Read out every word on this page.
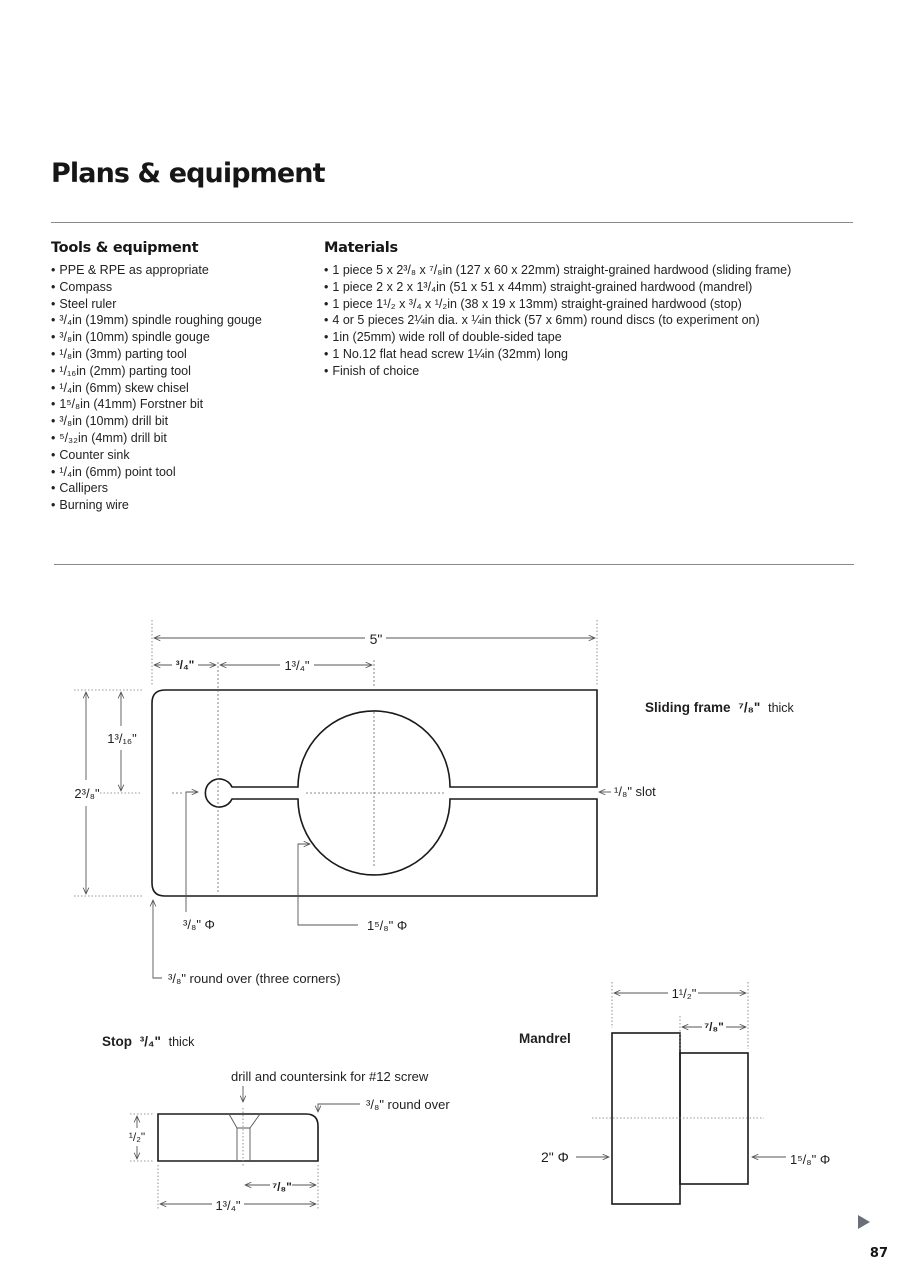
Plans & equipment
Tools & equipment
• PPE & RPE as appropriate
• Compass
• Steel ruler
• ³/₄in (19mm) spindle roughing gouge
• ³/₈in (10mm) spindle gouge
• ¹/₈in (3mm) parting tool
• ¹/₁₆in (2mm) parting tool
• ¹/₄in (6mm) skew chisel
• 1⁵/₈in (41mm) Forstner bit
• ³/₈in (10mm) drill bit
• ⁵/₃₂in (4mm) drill bit
• Counter sink
• ¹/₄in (6mm) point tool
• Callipers
• Burning wire
Materials
• 1 piece 5 x 2³/₈ x ⁷/₈in (127 x 60 x 22mm) straight-grained hardwood (sliding frame)
• 1 piece 2 x 2 x 1³/₄in (51 x 51 x 44mm) straight-grained hardwood (mandrel)
• 1 piece 1¹/₂ x ³/₄ x ¹/₂in (38 x 19 x 13mm) straight-grained hardwood (stop)
• 4 or 5 pieces 2¼in dia. x ¼in thick (57 x 6mm) round discs (to experiment on)
• 1in (25mm) wide roll of double-sided tape
• 1 No.12 flat head screw 1¼in (32mm) long
• Finish of choice
5"
³/₄"	1³/₄"
1³/₁₆"
2³/₈"	¹/₈" slot
³/₈" Φ	1⁵/₈" Φ
³/₈" round over (three corners)
Sliding frame ⁷/₈" thick
Stop ³/₄" thick
drill and countersink for #12 screw
³/₈" round over
¹/₂"
⁷/₈"
1³/₄"
Mandrel
1¹/₂"
⁷/₈"
2" Φ	1⁵/₈" Φ
87
